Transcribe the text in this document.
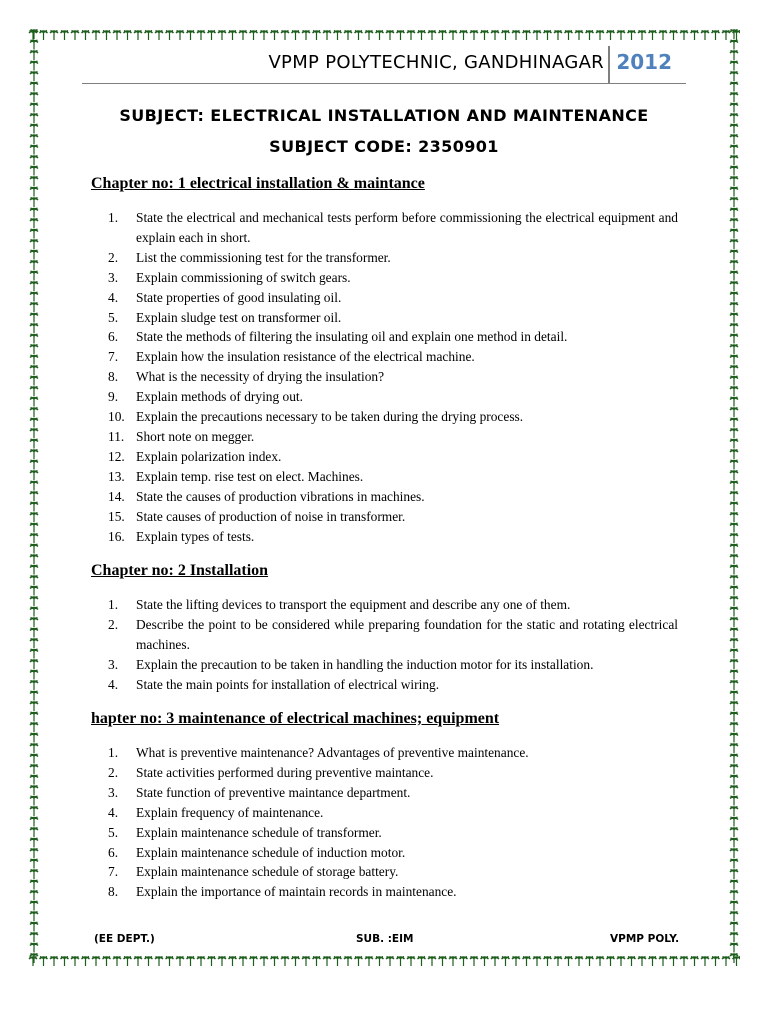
VPMP POLYTECHNIC, GANDHINAGAR 2012
SUBJECT: ELECTRICAL INSTALLATION AND MAINTENANCE
SUBJECT CODE: 2350901
Chapter no: 1 electrical installation & maintance
1. State the electrical and mechanical tests perform before commissioning the electrical equipment and explain each in short.
2. List the commissioning test for the transformer.
3. Explain commissioning of switch gears.
4. State properties of good insulating oil.
5. Explain sludge test on transformer oil.
6. State the methods of filtering the insulating oil and explain one method in detail.
7. Explain how the insulation resistance of the electrical machine.
8. What is the necessity of drying the insulation?
9. Explain methods of drying out.
10. Explain the precautions necessary to be taken during the drying process.
11. Short note on megger.
12. Explain polarization index.
13. Explain temp. rise test on elect. Machines.
14. State the causes of production vibrations in machines.
15. State causes of production of noise in transformer.
16. Explain types of tests.
Chapter no: 2 Installation
1. State the lifting devices to transport the equipment and describe any one of them.
2. Describe the point to be considered while preparing foundation for the static and rotating electrical machines.
3. Explain the precaution to be taken in handling the induction motor for its installation.
4. State the main points for installation of electrical wiring.
hapter no: 3 maintenance of electrical machines; equipment
1. What is preventive maintenance? Advantages of preventive maintenance.
2. State activities performed during preventive maintance.
3. State function of preventive maintance department.
4. Explain frequency of maintenance.
5. Explain maintenance schedule of transformer.
6. Explain maintenance schedule of induction motor.
7. Explain maintenance schedule of storage battery.
8. Explain the importance of maintain records in maintenance.
(EE DEPT.)	SUB. :EIM	VPMP POLY.
